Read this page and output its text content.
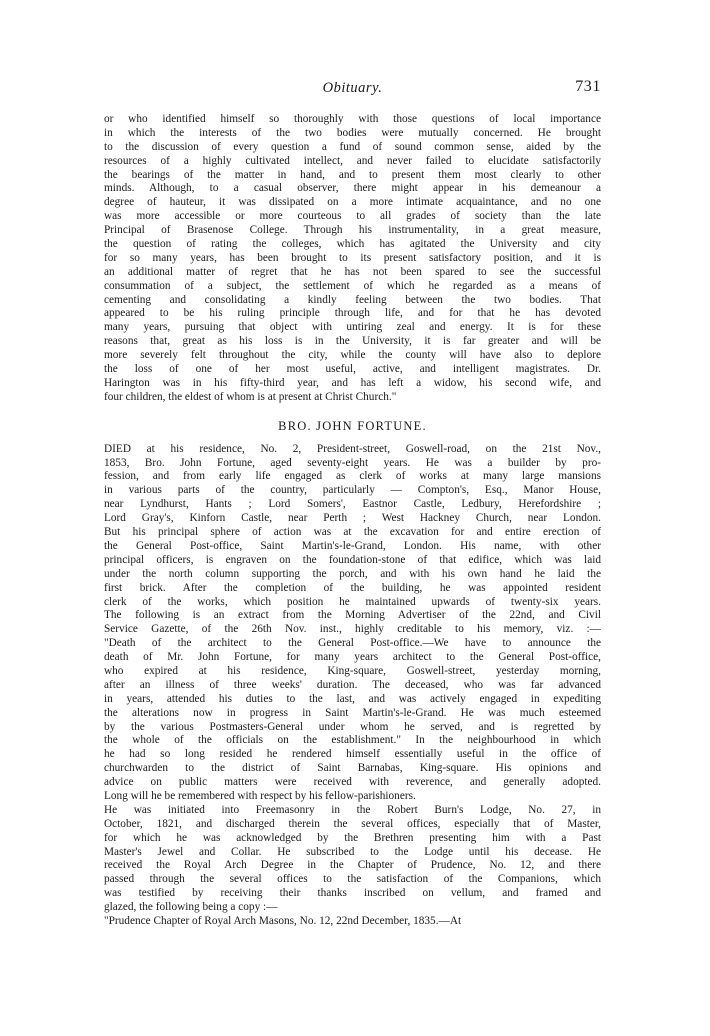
Obituary.	731
or who identified himself so thoroughly with those questions of local importance
in which the interests of the two bodies were mutually concerned. He brought
to the discussion of every question a fund of sound common sense, aided by the
resources of a highly cultivated intellect, and never failed to elucidate satisfactorily
the bearings of the matter in hand, and to present them most clearly to other
minds. Although, to a casual observer, there might appear in his demeanour a
degree of hauteur, it was dissipated on a more intimate acquaintance, and no one
was more accessible or more courteous to all grades of society than the late
Principal of Brasenose College. Through his instrumentality, in a great measure,
the question of rating the colleges, which has agitated the University and city
for so many years, has been brought to its present satisfactory position, and it is
an additional matter of regret that he has not been spared to see the successful
consummation of a subject, the settlement of which he regarded as a means of
cementing and consolidating a kindly feeling between the two bodies. That
appeared to be his ruling principle through life, and for that he has devoted
many years, pursuing that object with untiring zeal and energy. It is for these
reasons that, great as his loss is in the University, it is far greater and will be
more severely felt throughout the city, while the county will have also to deplore
the loss of one of her most useful, active, and intelligent magistrates. Dr.
Harington was in his fifty-third year, and has left a widow, his second wife, and
four children, the eldest of whom is at present at Christ Church."
BRO. JOHN FORTUNE.
DIED at his residence, No. 2, President-street, Goswell-road, on the 21st Nov.,
1853, Bro. John Fortune, aged seventy-eight years. He was a builder by pro-
fession, and from early life engaged as clerk of works at many large mansions
in various parts of the country, particularly — Compton's, Esq., Manor House,
near Lyndhurst, Hants ; Lord Somers', Eastnor Castle, Ledbury, Herefordshire ;
Lord Gray's, Kinforn Castle, near Perth ; West Hackney Church, near London.
But his principal sphere of action was at the excavation for and entire erection of
the General Post-office, Saint Martin's-le-Grand, London. His name, with other
principal officers, is engraven on the foundation-stone of that edifice, which was laid
under the north column supporting the porch, and with his own hand he laid the
first brick. After the completion of the building, he was appointed resident
clerk of the works, which position he maintained upwards of twenty-six years.
The following is an extract from the Morning Advertiser of the 22nd, and Civil
Service Gazette, of the 26th Nov. inst., highly creditable to his memory, viz. :—
"Death of the architect to the General Post-office.—We have to announce the
death of Mr. John Fortune, for many years architect to the General Post-office,
who expired at his residence, King-square, Goswell-street, yesterday morning,
after an illness of three weeks' duration. The deceased, who was far advanced
in years, attended his duties to the last, and was actively engaged in expediting
the alterations now in progress in Saint Martin's-le-Grand. He was much esteemed
by the various Postmasters-General under whom he served, and is regretted by
the whole of the officials on the establishment." In the neighbourhood in which
he had so long resided he rendered himself essentially useful in the office of
churchwarden to the district of Saint Barnabas, King-square. His opinions and
advice on public matters were received with reverence, and generally adopted.
Long will he be remembered with respect by his fellow-parishioners.
He was initiated into Freemasonry in the Robert Burn's Lodge, No. 27, in
October, 1821, and discharged therein the several offices, especially that of Master,
for which he was acknowledged by the Brethren presenting him with a Past
Master's Jewel and Collar. He subscribed to the Lodge until his decease. He
received the Royal Arch Degree in the Chapter of Prudence, No. 12, and there
passed through the several offices to the satisfaction of the Companions, which
was testified by receiving their thanks inscribed on vellum, and framed and
glazed, the following being a copy :—
"Prudence Chapter of Royal Arch Masons, No. 12, 22nd December, 1835.—At
